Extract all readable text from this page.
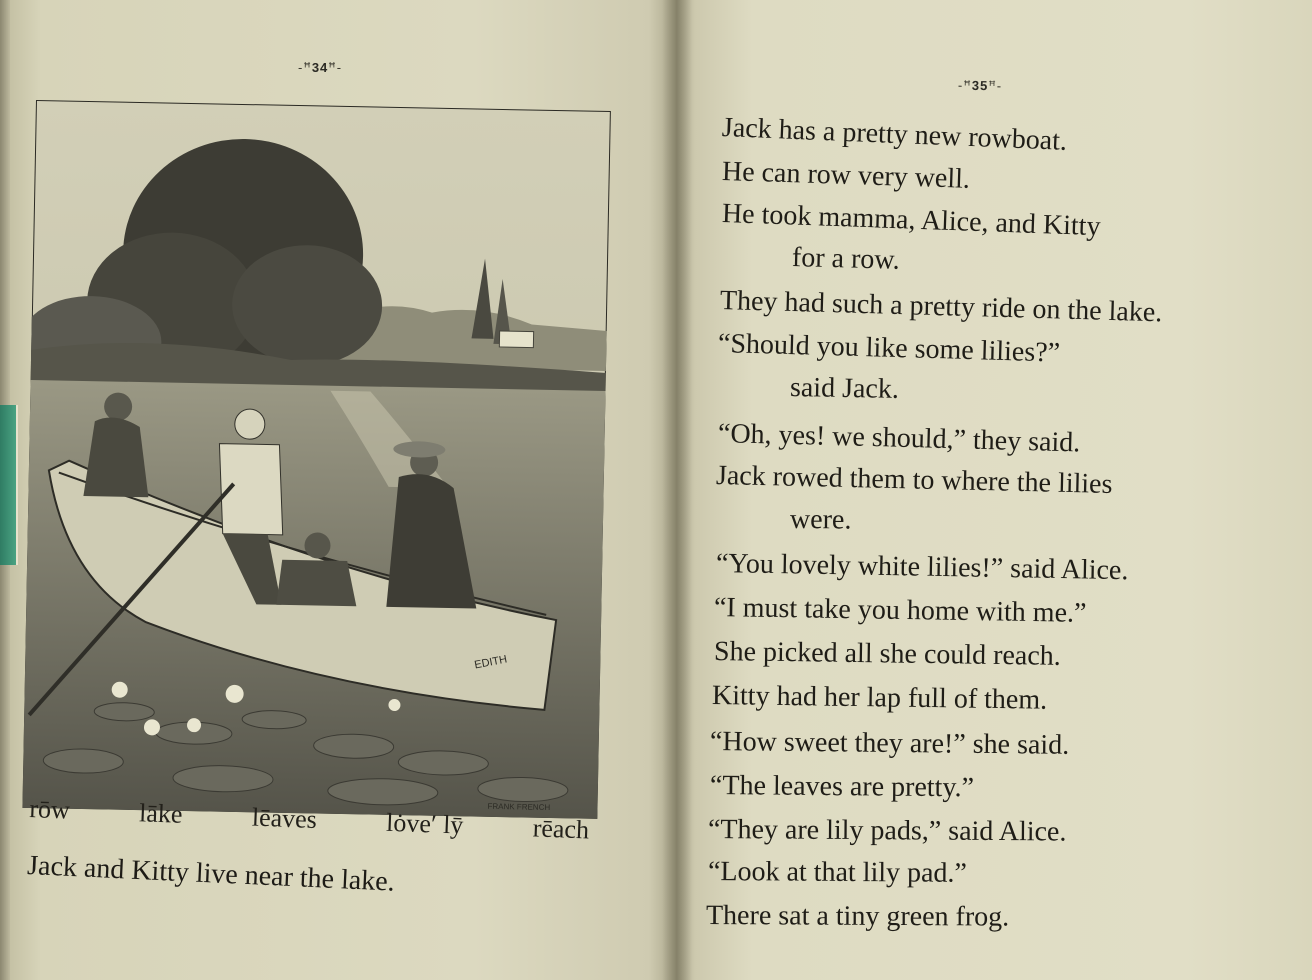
-ꟸ34ꟸ-
EDITH
FRANK FRENCH
rōw	lāke	lēaves	lȯve′ lȳ	rēach
Jack and Kitty live near the lake.
-ꟸ35ꟸ-
Jack has a pretty new rowboat.
He can row very well.
He took mamma, Alice, and Kitty
for a row.
They had such a pretty ride on the lake.
“Should you like some lilies?”
said Jack.
“Oh, yes! we should,” they said.
Jack rowed them to where the lilies
were.
“You lovely white lilies!” said Alice.
“I must take you home with me.”
She picked all she could reach.
Kitty had her lap full of them.
“How sweet they are!” she said.
“The leaves are pretty.”
“They are lily pads,” said Alice.
“Look at that lily pad.”
There sat a tiny green frog.
